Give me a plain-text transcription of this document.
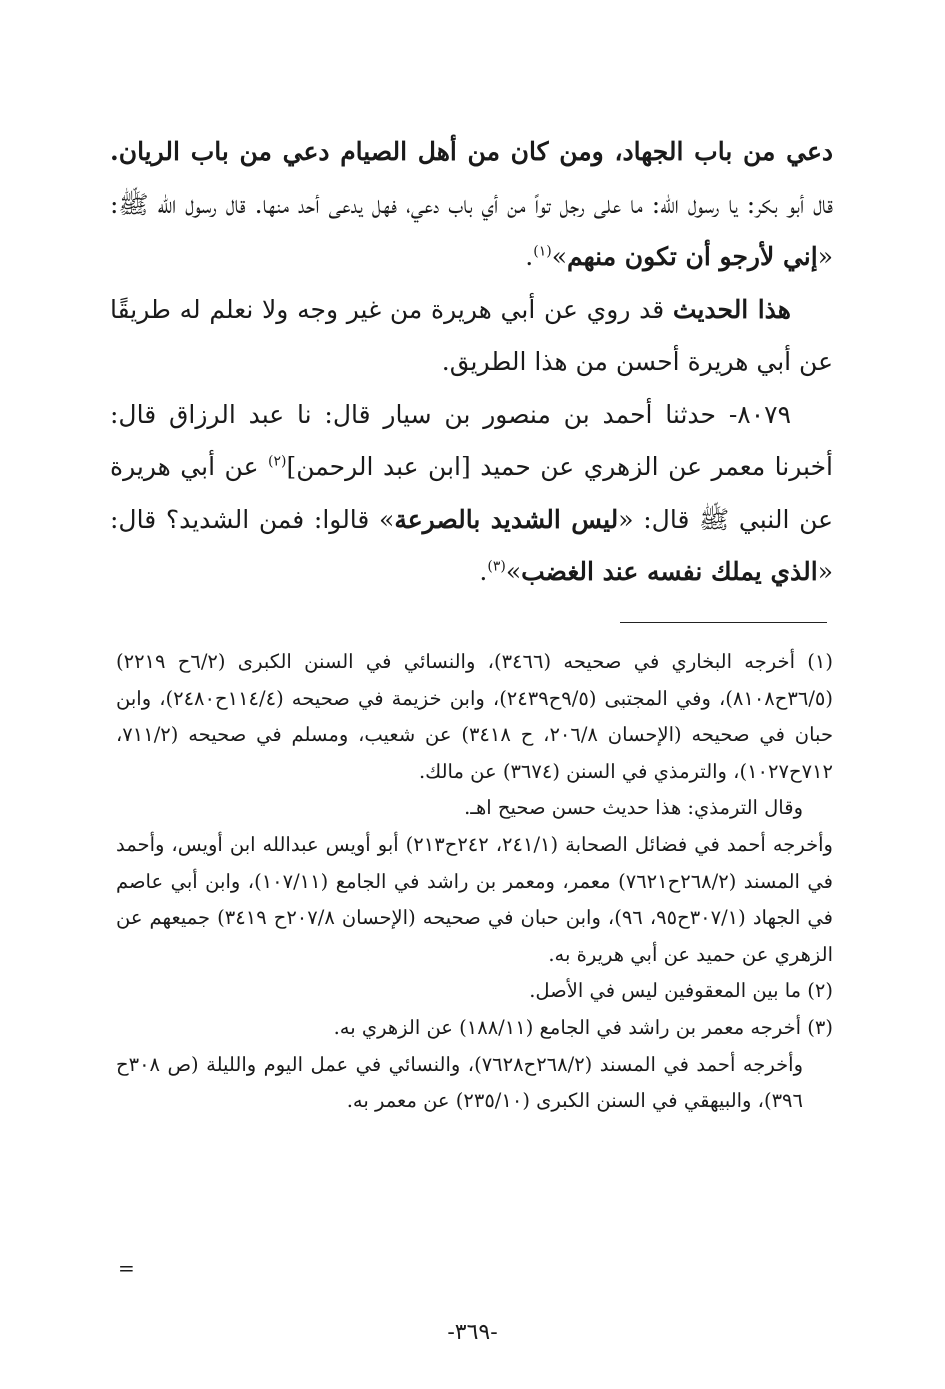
دعي من باب الجهاد، ومن كان من أهل الصيام دعي من باب الريان. قال أبو بكر: يا رسول الله: ما على رجل تواً من أي باب دعي، فهل يدعى أحد منها. قال رسول الله ﷺ: «إني لأرجو أن تكون منهم»$^{(١)}$.

هذا الحديث قد روي عن أبي هريرة من غير وجه ولا نعلم له طريقًا عن أبي هريرة أحسن من هذا الطريق.

٨٠٧٩- حدثنا أحمد بن منصور بن سيار قال: نا عبد الرزاق قال: أخبرنا معمر عن الزهري عن حميد [ابن عبد الرحمن]$^{(٢)}$ عن أبي هريرة عن النبي ﷺ قال: «ليس الشديد بالصرعة» قالوا: فمن الشديد؟ قال: «الذي يملك نفسه عند الغضب»$^{(٣)}$.

(١) أخرجه البخاري في صحيحه (٣٤٦٦)، والنسائي في السنن الكبرى (٦/٢ح ٢٢١٩) (٣٦/٥ح٨١٠٨)، وفي المجتبى (٩/٥ح٢٤٣٩)، وابن خزيمة في صحيحه (١١٤/٤ح٢٤٨٠)، وابن حبان في صحيحه (الإحسان ٢٠٦/٨، ح ٣٤١٨) عن شعيب، ومسلم في صحيحه (٧١١/٢، ٧١٢ح١٠٢٧)، والترمذي في السنن (٣٦٧٤) عن مالك.

وقال الترمذي: هذا حديث حسن صحيح اهـ.

وأخرجه أحمد في فضائل الصحابة (٢٤١/١، ٢٤٢ح٢١٣) أبو أويس عبدالله ابن أويس، وأحمد في المسند (٢٦٨/٢ح٧٦٢١) معمر، ومعمر بن راشد في الجامع (١٠٧/١١)، وابن أبي عاصم في الجهاد (٣٠٧/١ح٩٥، ٩٦)، وابن حبان في صحيحه (الإحسان ٢٠٧/٨ح ٣٤١٩) جميعهم عن الزهري عن حميد عن أبي هريرة به.

(٢) ما بين المعقوفين ليس في الأصل.

(٣) أخرجه معمر بن راشد في الجامع (١٨٨/١١) عن الزهري به.

وأخرجه أحمد في المسند (٢٦٨/٢ح٧٦٢٨)، والنسائي في عمل اليوم والليلة (ص ٣٠٨ح ٣٩٦)، والبيهقي في السنن الكبرى (٢٣٥/١٠) عن معمر به.

=
-٣٦٩-
